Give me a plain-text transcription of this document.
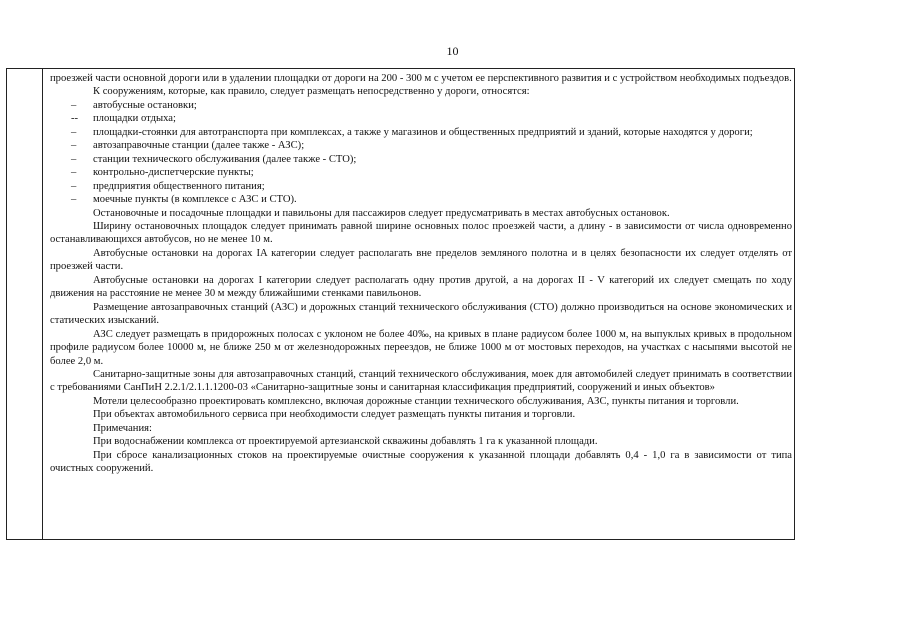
10

проезжей части основной дороги или в удалении площадки от дороги на 200 - 300 м с учетом ее перспективного развития и с устройством необходимых подъездов.

К сооружениям, которые, как правило, следует размещать непосредственно у дороги, относятся:

– автобусные остановки;

-- площадки отдыха;

– площадки-стоянки для автотранспорта при комплексах, а также у магазинов и общественных предприятий и зданий, которые находятся у дороги;

– автозаправочные станции (далее также - АЗС);

– станции технического обслуживания (далее также - СТО);

– контрольно-диспетчерские пункты;

– предприятия общественного питания;

– моечные пункты (в комплексе с АЗС и СТО).

Остановочные и посадочные площадки и павильоны для пассажиров следует предусматривать в местах автобусных остановок.

Ширину остановочных площадок следует принимать равной ширине основных полос проезжей части, а длину - в зависимости от числа одновременно останавливающихся автобусов, но не менее 10 м.

Автобусные остановки на дорогах IA категории следует располагать вне пределов земляного полотна и в целях безопасности их следует отделять от проезжей части.

Автобусные остановки на дорогах I категории следует располагать одну против другой, а на дорогах II - V категорий их следует смещать по ходу движения на расстояние не менее 30 м между ближайшими стенками павильонов.

Размещение автозаправочных станций (АЗС) и дорожных станций технического обслуживания (СТО) должно производиться на основе экономических и статических изысканий.

АЗС следует размещать в придорожных полосах с уклоном не более 40‰, на кривых в плане радиусом более 1000 м, на выпуклых кривых в продольном профиле радиусом более 10000 м, не ближе 250 м от железнодорожных переездов, не ближе 1000 м от мостовых переходов, на участках с насыпями высотой не более 2,0 м.

Санитарно-защитные зоны для автозаправочных станций, станций технического обслуживания, моек для автомобилей следует принимать в соответствии с требованиями СанПиН 2.2.1/2.1.1.1200-03 «Санитарно-защитные зоны и санитарная классификация предприятий, сооружений и иных объектов»

Мотели целесообразно проектировать комплексно, включая дорожные станции технического обслуживания, АЗС, пункты питания и торговли.

При объектах автомобильного сервиса при необходимости следует размещать пункты питания и торговли.

Примечания:

При водоснабжении комплекса от проектируемой артезианской скважины добавлять 1 га к указанной площади.

При сбросе канализационных стоков на проектируемые очистные сооружения к указанной площади добавлять 0,4 - 1,0 га в зависимости от типа очистных сооружений.
